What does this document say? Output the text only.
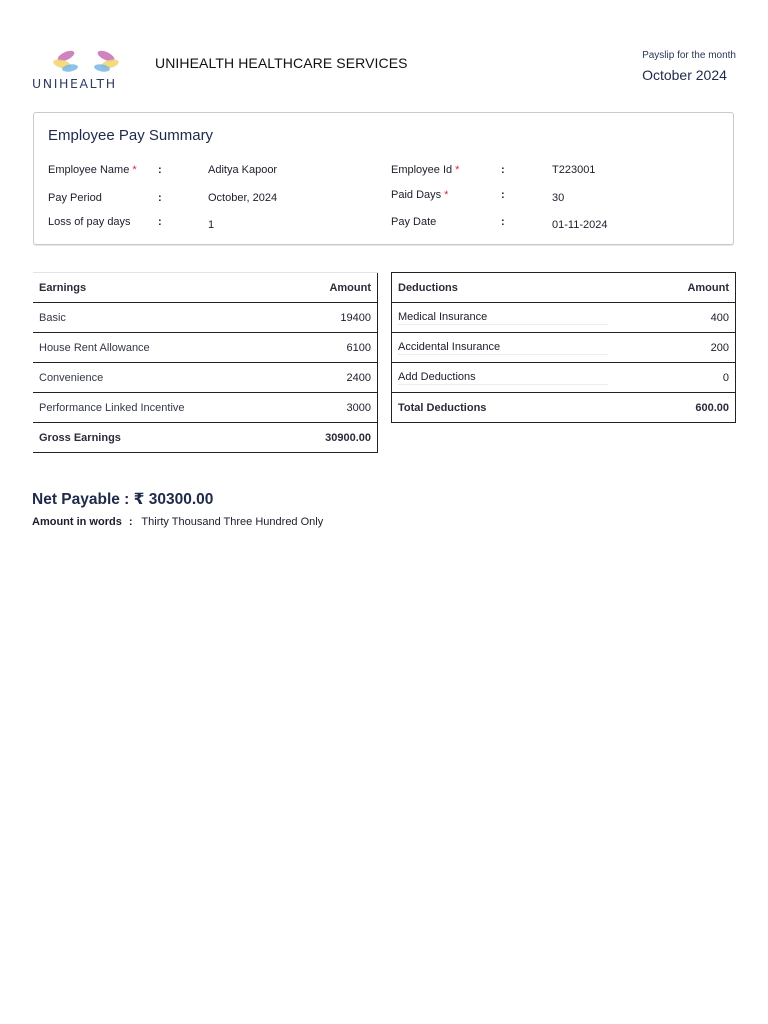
UNIHEALTH
UNIHEALTH HEALTHCARE SERVICES	Payslip for the month
October 2024
Employee Pay Summary
Employee Name * :	Aditya Kapoor
Pay Period	:	October, 2024
Loss of pay days :	1
Employee Id *	:	T223001
Paid Days *	:	30
Pay Date	:	01-11-2024
Earnings	Amount
Basic	19400
House Rent Allowance	6100
Convenience	2400
Performance Linked Incentive	3000
Gross Earnings	30900.00
Deductions	Amount
Medical Insurance	400
Accidental Insurance	200
Add Deductions	0
Total Deductions	600.00
Net Payable : ₹ 30300.00
Amount in words : Thirty Thousand Three Hundred Only
